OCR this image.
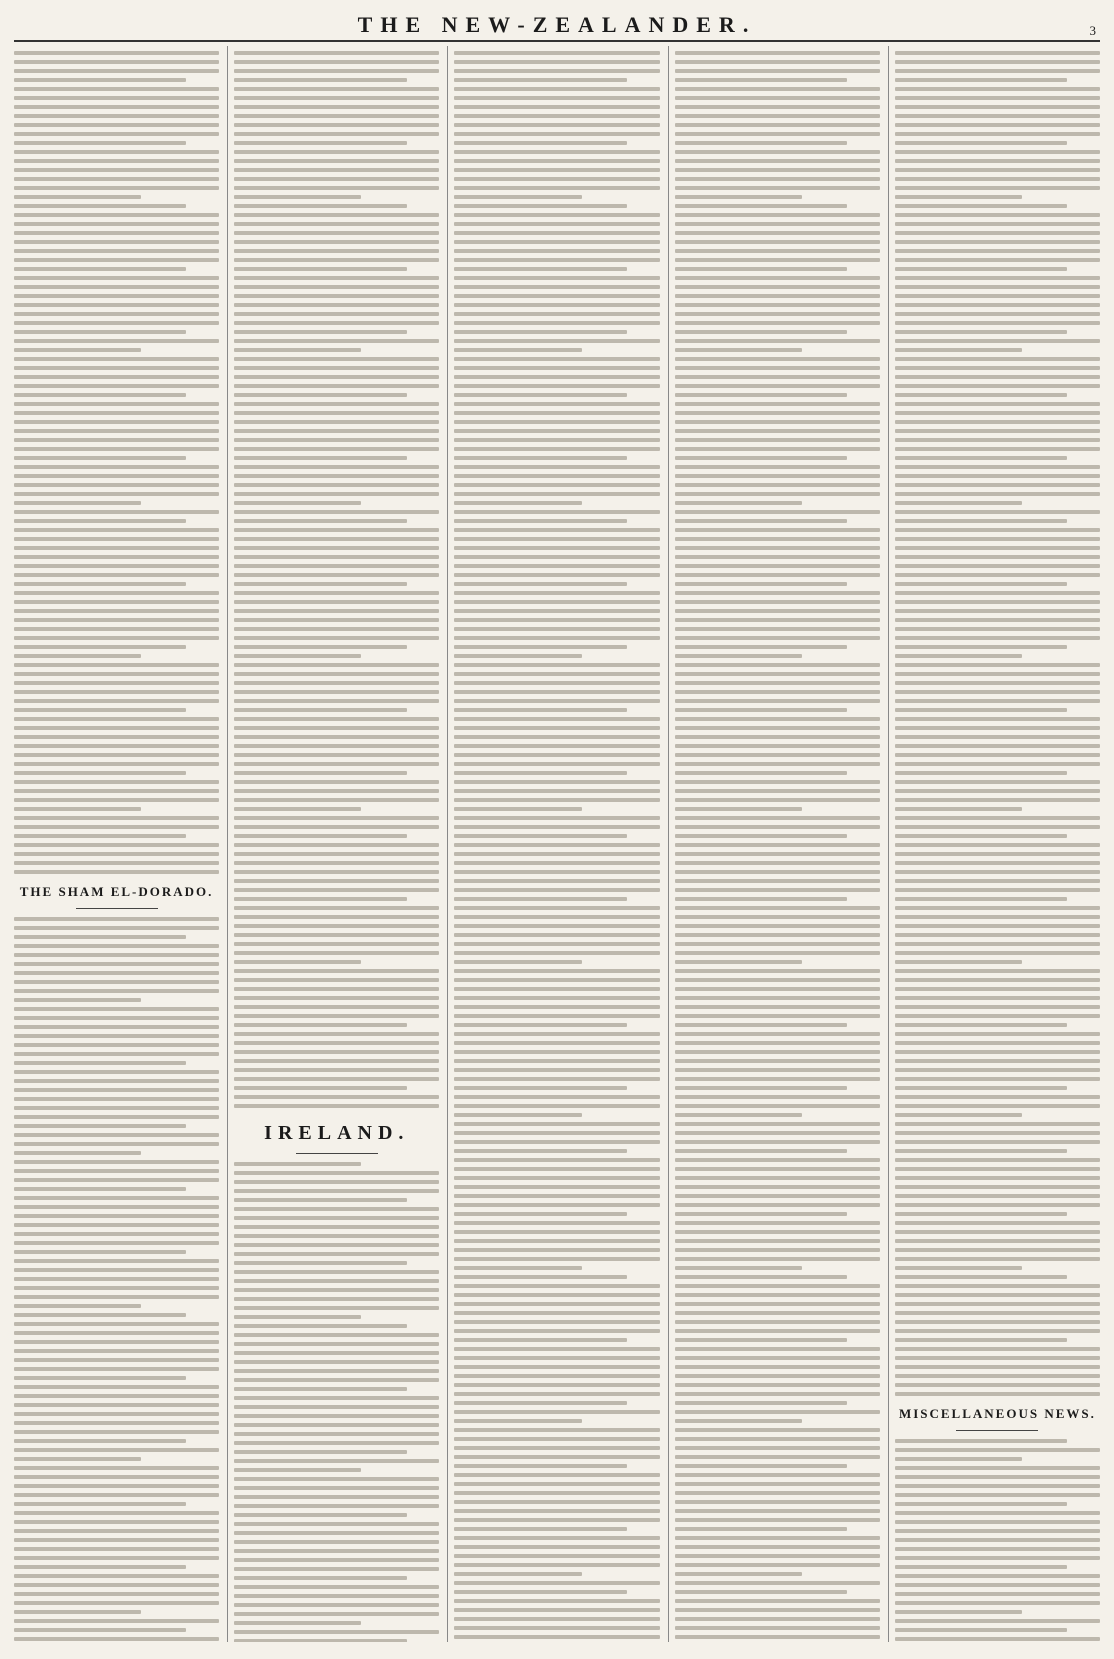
THE NEW-ZEALANDER.	3
THE SHAM EL-DORADO.
IRELAND.
MISCELLANEOUS NEWS.
